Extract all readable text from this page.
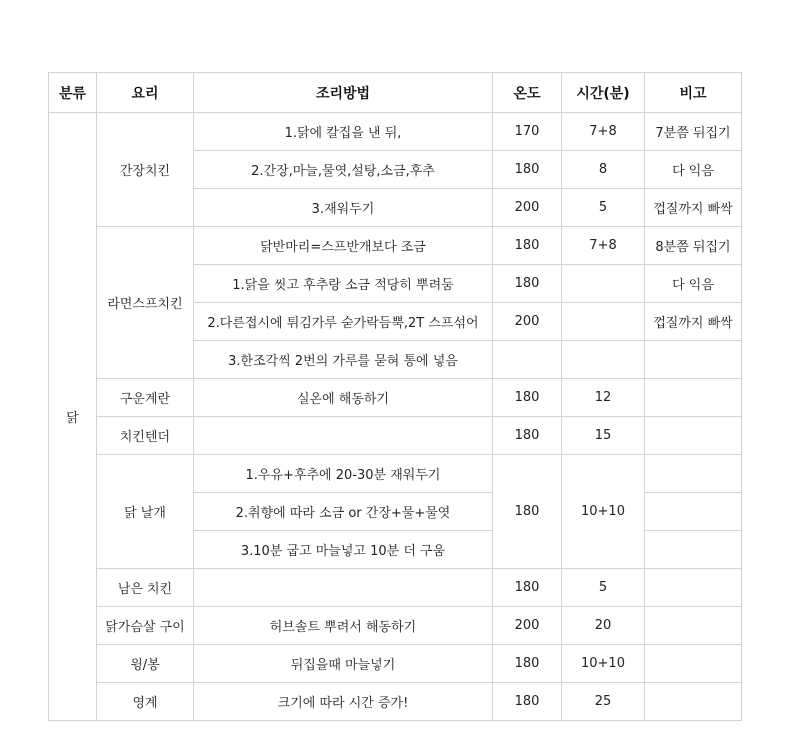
분류	요리	조리방법	온도	시간(분)	비고
닭	간장치킨	1.닭에 칼집을 낸 뒤,	170	7+8	7분쯤 뒤집기
		2.간장,마늘,물엿,설탕,소금,후추	180	8	다 익음
		3.재워두기	200	5	껍질까지 빠싹
	라면스프치킨	닭반마리=스프반개보다 조금	180	7+8	8분쯤 뒤집기
		1.닭을 씻고 후추랑 소금 적당히 뿌려둠	180		다 익음
		2.다른접시에 튀김가루 숟가락듬뿍,2T 스프섞어	200		껍질까지 빠싹
		3.한조각씩 2번의 가루를 묻혀 통에 넣음			
	구운계란	실온에 해동하기	180	12	
	치킨텐더		180	15	
	닭 날개	1.우유+후추에 20-30분 재워두기	180	10+10	
		2.취향에 따라 소금 or 간장+물+물엿			
		3.10분 굽고 마늘넣고 10분 더 구움			
	남은 치킨		180	5	
	닭가슴살 구이	허브솔트 뿌려서 해동하기	200	20	
	윙/봉	뒤집을때 마늘넣기	180	10+10	
	영계	크기에 따라 시간 증가!	180	25	
